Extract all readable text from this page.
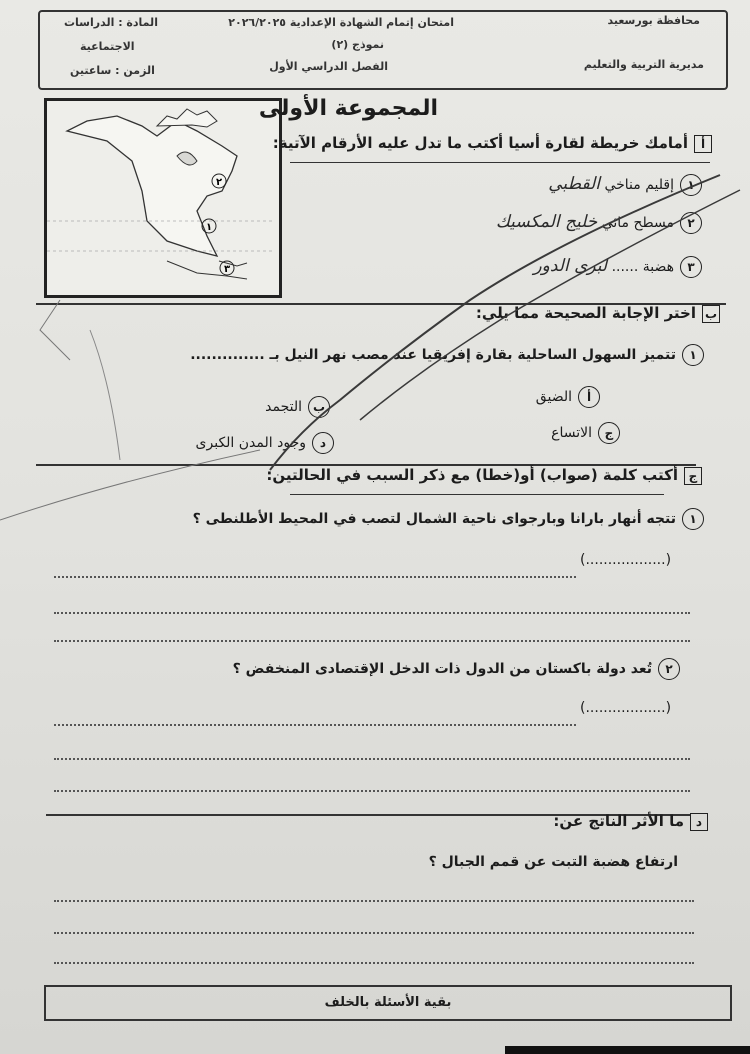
محافظة بورسعيد
مديرية التربية والتعليم
امتحان إتمام الشهادة الإعدادية ٢٠٢٦/٢٠٢٥
نموذج (٢)
الفصل الدراسي الأول
المادة : الدراسات
الاجتماعية
الزمن : ساعتين
٢
١
٣
المجموعة الأولى
أأمامك خريطة لقارة أسيا أكتب ما تدل عليه الأرقام الآتية:
١إقليم مناخي القطبي
٢مسطح مائي خليج المكسيك
٣هضبة ...... لبرى الدور
باختر الإجابة الصحيحة مما يلي:
١تتميز السهول الساحلية بقارة إفريقيا عند مصب نهر النيل بـ ..............
أالضيق
بالتجمد
جالاتساع
دوجود المدن الكبرى
جأكتب كلمة (صواب) أو(خطا) مع ذكر السبب في الحالتين:
١تتجه أنهار بارانا وبارجواى ناحية الشمال لتصب في المحيط الأطلنطى ؟
(..................)
٢تُعد دولة باكستان من الدول ذات الدخل الإقتصادى المنخفض ؟
(..................)
دما الأثر الناتج عن:
ارتفاع هضبة التبت عن قمم الجبال ؟
بقية الأسئلة بالخلف
